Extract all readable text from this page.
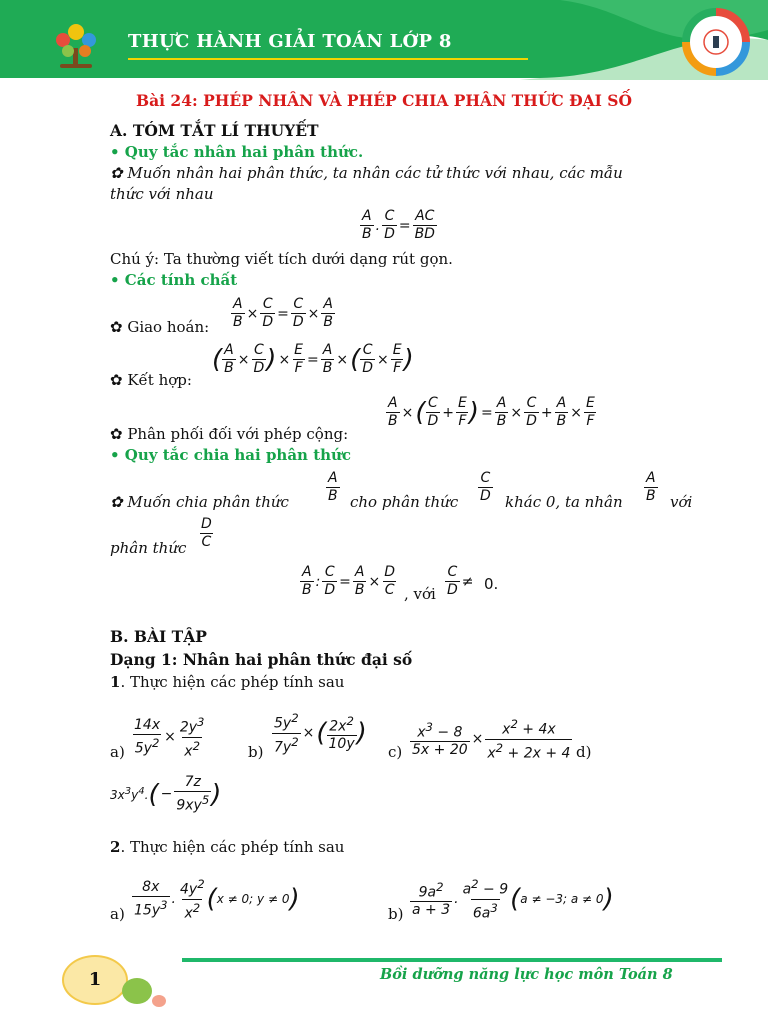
THỰC HÀNH GIẢI TOÁN LỚP 8
Bài 24: PHÉP NHÂN VÀ PHÉP CHIA PHÂN THỨC ĐẠI SỐ
A. TÓM TẮT LÍ THUYẾT
• Quy tắc nhân hai phân thức.
✿ Muốn nhân hai phân thức, ta nhân các tử thức với nhau, các mẫu
thức với nhau
$\frac{A}{B}$ . $\frac{C}{D} = \frac{AC}{BD}$
Chú ý: Ta thường viết tích dưới dạng rút gọn.
• Các tính chất
✿ Giao hoán: $\frac{A}{B} \times \frac{C}{D} = \frac{C}{D} \times \frac{A}{B}$
✿ Kết hợp:
( $\frac{A}{B} \times \frac{C}{D}$ ) × $\frac{E}{F} = \frac{A}{B}$ ×( $\frac{C}{D} \times \frac{E}{F}$ )
✿ Phân phối đối với phép cộng:
$\frac{A}{B}$ ×( $\frac{C}{D} + \frac{E}{F}$ ) = $\frac{A}{B} \times \frac{C}{D} + \frac{A}{B} \times \frac{E}{F}$
• Quy tắc chia hai phân thức
✿ Muốn chia phân thức	$\frac{A}{B}$ cho phân thức $\frac{C}{D}$ khác 0, ta nhân $\frac{A}{B}$ với
phân thức $\frac{D}{C}$
$\frac{A}{B}$ : $\frac{C}{D} = \frac{A}{B} \times \frac{D}{C}$ , với $\frac{C}{D} \ne 0$.
B. BÀI TẬP
Dạng 1: Nhân hai phân thức đại số
1. Thực hiện các phép tính sau
$a) \frac{14x}{5y^2} \times \frac{2y^3}{x^2}$	$b) \frac{5y^2}{7y^2}$ ×( $\frac{2x^2}{10y}$ )
$c) \frac{x^3 - 8}{5x + 20} \times \frac{x^2 + 4x}{x^2 + 2x + 4} d$)
$3x^3y^4.( - \frac{7z}{9xy^5}$ )
2. Thực hiện các phép tính sau
$a) \frac{8x}{15y^3}$ . $\frac{4y^2}{x^2} (x \ne 0$; y ≠ 0)	$b) \frac{9a^2}{a + 3}$ . $\frac{a^2 - 9}{6a^3} (a \ne -3$; a ≠ 0)
1	Bồi dưỡng năng lực học môn Toán 8
